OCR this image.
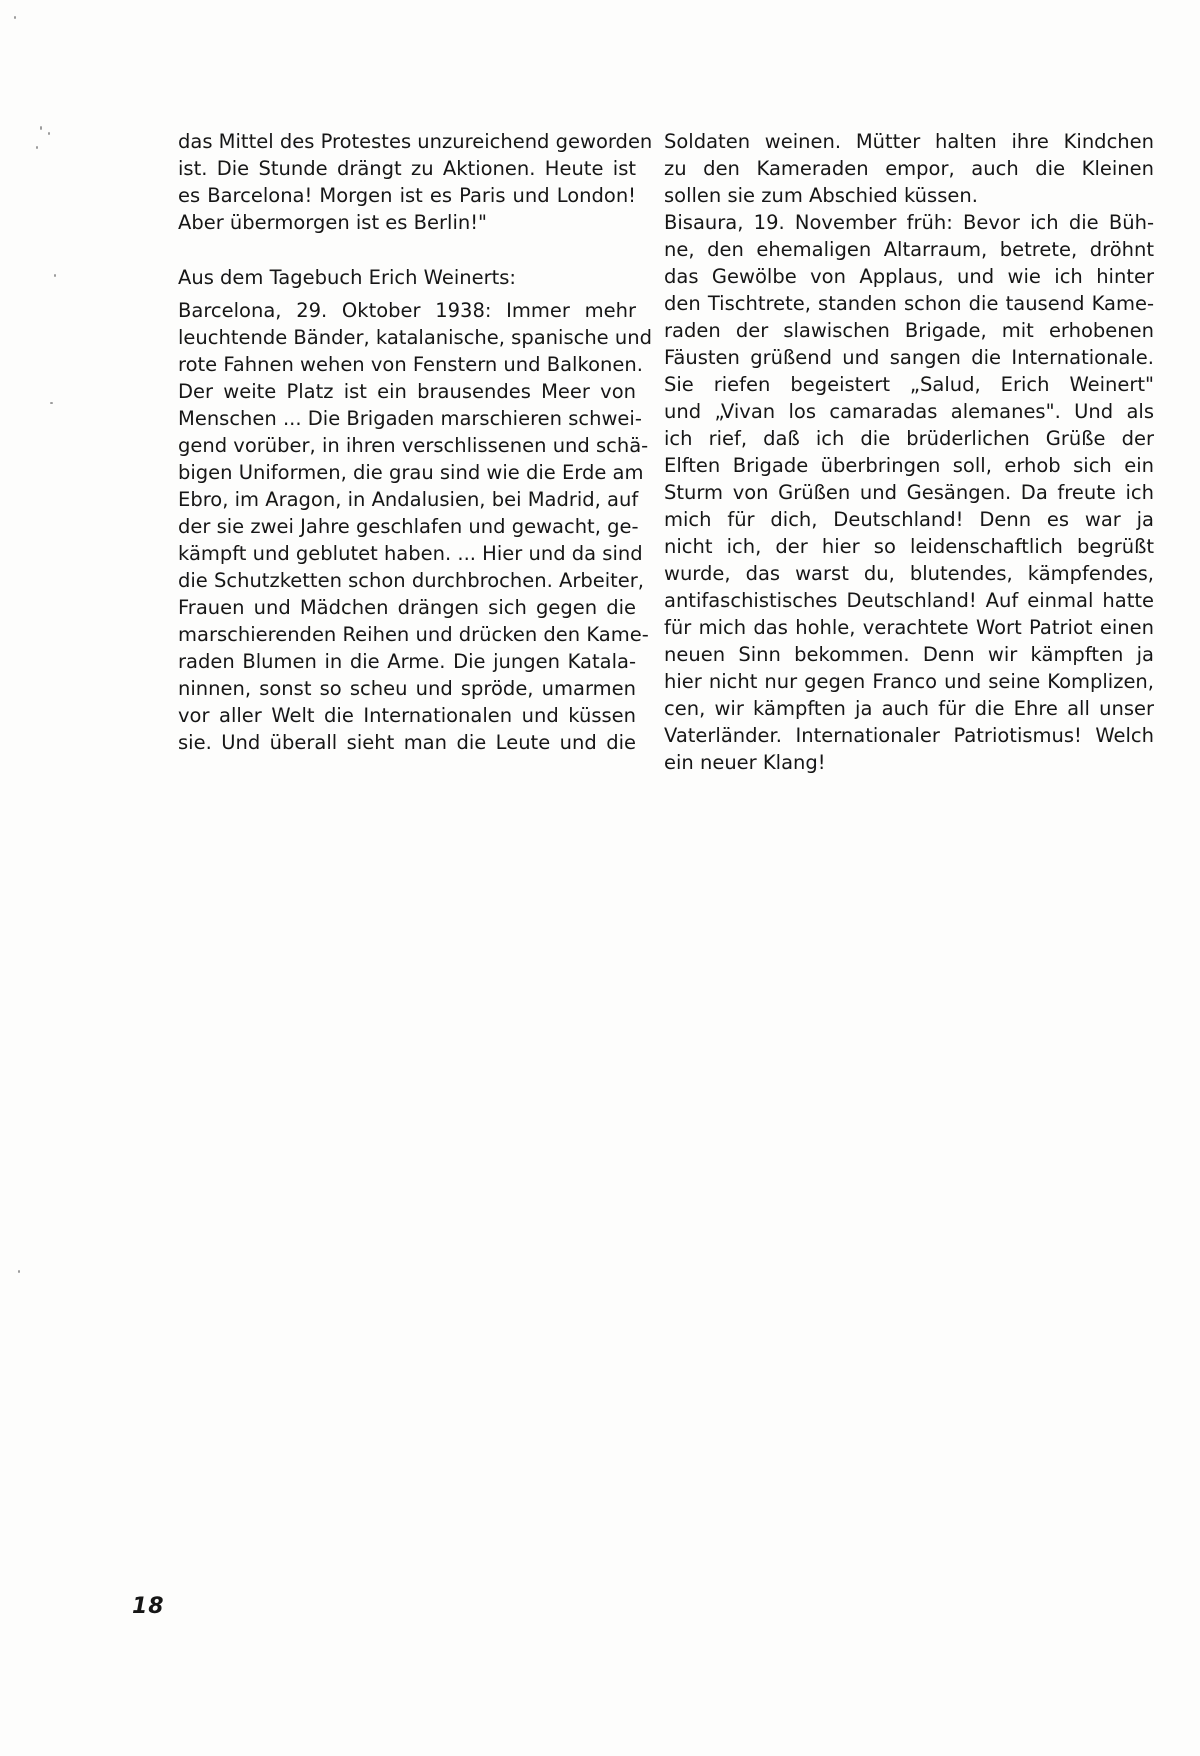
das Mittel des Protestes unzureichend geworden
ist. Die Stunde drängt zu Aktionen. Heute ist
es Barcelona! Morgen ist es Paris und London!
Aber übermorgen ist es Berlin!"
Aus dem Tagebuch Erich Weinerts:
Barcelona, 29. Oktober 1938: Immer mehr
leuchtende Bänder, katalanische, spanische und
rote Fahnen wehen von Fenstern und Balkonen.
Der weite Platz ist ein brausendes Meer von
Menschen ... Die Brigaden marschieren schwei-
gend vorüber, in ihren verschlissenen und schä-
bigen Uniformen, die grau sind wie die Erde am
Ebro, im Aragon, in Andalusien, bei Madrid, auf
der sie zwei Jahre geschlafen und gewacht, ge-
kämpft und geblutet haben. ... Hier und da sind
die Schutzketten schon durchbrochen. Arbeiter,
Frauen und Mädchen drängen sich gegen die
marschierenden Reihen und drücken den Kame-
raden Blumen in die Arme. Die jungen Katala-
ninnen, sonst so scheu und spröde, umarmen
vor aller Welt die Internationalen und küssen
sie. Und überall sieht man die Leute und die
Soldaten weinen. Mütter halten ihre Kindchen
zu den Kameraden empor, auch die Kleinen
sollen sie zum Abschied küssen.
Bisaura, 19. November früh: Bevor ich die Büh-
ne, den ehemaligen Altarraum, betrete, dröhnt
das Gewölbe von Applaus, und wie ich hinter
den Tischtrete, standen schon die tausend Kame-
raden der slawischen Brigade, mit erhobenen
Fäusten grüßend und sangen die Internationale.
Sie riefen begeistert „Salud, Erich Weinert"
und „Vivan los camaradas alemanes". Und als
ich rief, daß ich die brüderlichen Grüße der
Elften Brigade überbringen soll, erhob sich ein
Sturm von Grüßen und Gesängen. Da freute ich
mich für dich, Deutschland! Denn es war ja
nicht ich, der hier so leidenschaftlich begrüßt
wurde, das warst du, blutendes, kämpfendes,
antifaschistisches Deutschland! Auf einmal hatte
für mich das hohle, verachtete Wort Patriot einen
neuen Sinn bekommen. Denn wir kämpften ja
hier nicht nur gegen Franco und seine Komplizen,
cen, wir kämpften ja auch für die Ehre all unser
Vaterländer. Internationaler Patriotismus! Welch
ein neuer Klang!
18
